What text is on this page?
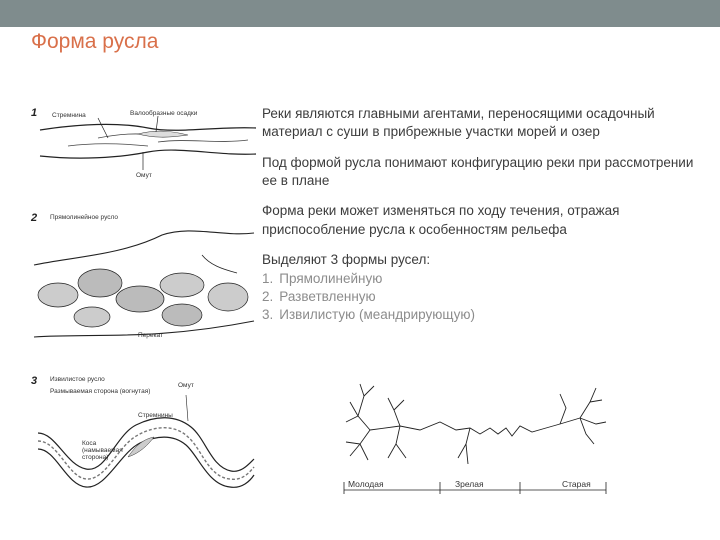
Форма русла

Реки являются главными агентами, переносящими осадочный материал с суши в прибрежные участки морей и озер

Под формой русла понимают конфигурацию реки при рассмотрении ее в плане

Форма реки может изменяться по ходу течения, отражая приспособление русла к особенностям рельефа

Выделяют 3 формы русел:
1. Прямолинейную
2. Разветвленную
3. Извилистую (меандрирующую)
1 Стремнина	Валообразные осадки
Омут
2 Прямолинейное русло
Перекат
3 Извилистое русло
Размываемая сторона (вогнутая)
Омут
Стремнины
Коса (намываемая сторона)
Молодая	Зрелая	Старая
